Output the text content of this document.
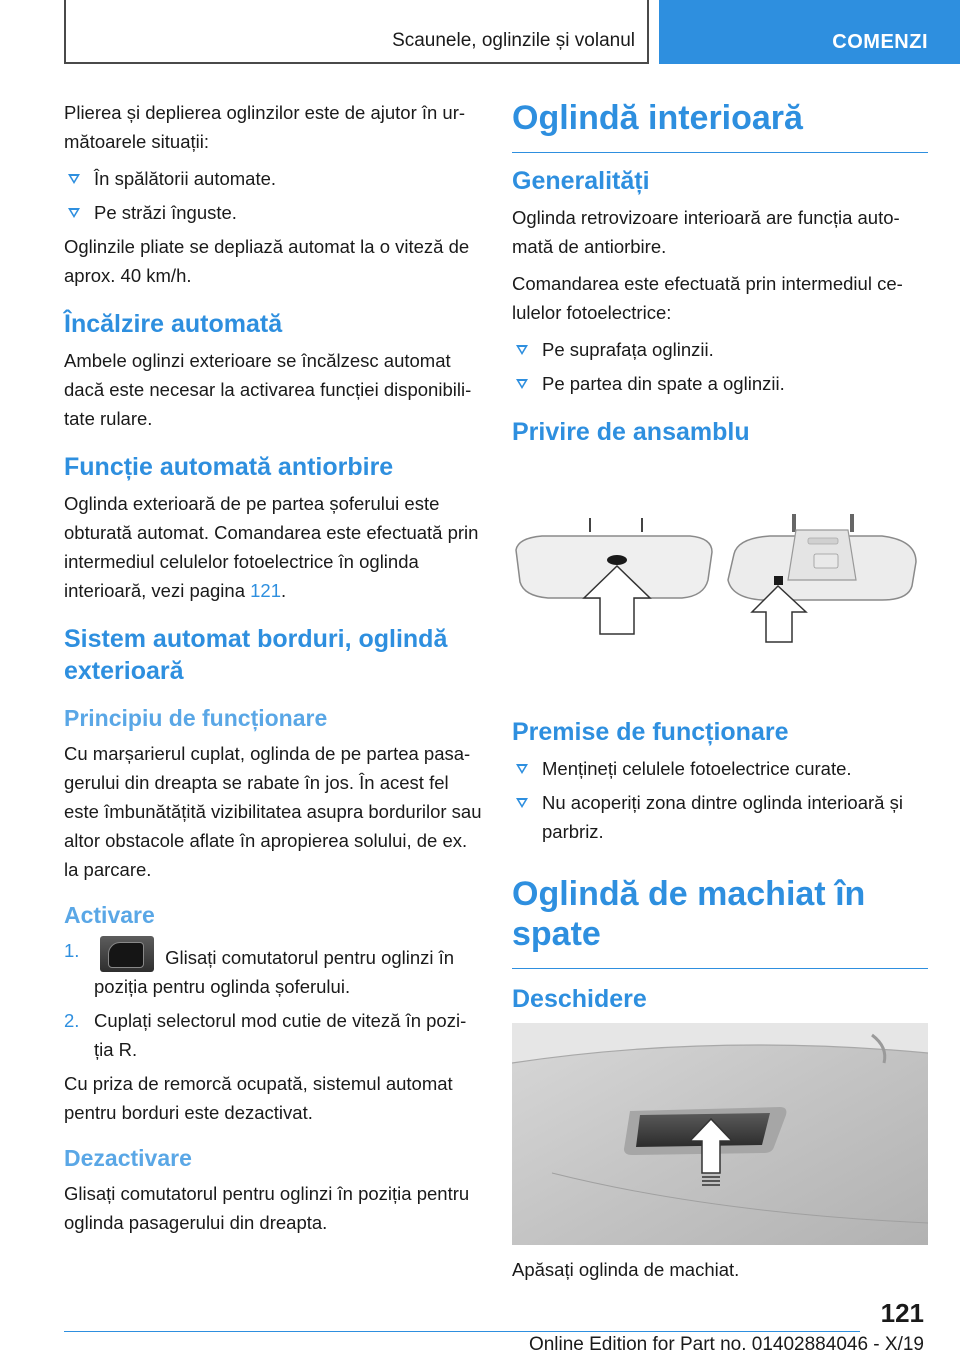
Scaunele, oglinzile și volanul	COMENZI

Plierea și deplierea oglinzilor este de ajutor în ur‐mătoarele situații:

În spălătorii automate.
Pe străzi înguste.

Oglinzile pliate se depliază automat la o viteză de aprox. 40 km/h.

Încălzire automată

Ambele oglinzi exterioare se încălzesc automat dacă este necesar la activarea funcției disponibili‐tate rulare.

Funcție automată antiorbire

Oglinda exterioară de pe partea șoferului este obturată automat. Comandarea este efectuată prin intermediul celulelor fotoelectrice în oglinda interioară, vezi pagina 121.

Sistem automat borduri, oglindă exterioară
Principiu de funcționare

Cu marșarierul cuplat, oglinda de pe partea pasa‐gerului din dreapta se rabate în jos. În acest fel este îmbunătățită vizibilitatea asupra bordurilor sau altor obstacole aflate în apropierea solului, de ex. la parcare.

Activare
1.	Glisați comutatorul pentru oglinzi în poziția pentru oglinda șoferului.
2. Cuplați selectorul mod cutie de viteză în pozi‐ția R.

Cu priza de remorcă ocupată, sistemul automat pentru borduri este dezactivat.

Dezactivare

Glisați comutatorul pentru oglinzi în poziția pentru oglinda pasagerului din dreapta.

Oglindă interioară
Generalități

Oglinda retrovizoare interioară are funcția auto‐mată de antiorbire.

Comandarea este efectuată prin intermediul ce‐lulelor fotoelectrice:

Pe suprafața oglinzii.
Pe partea din spate a oglinzii.
Privire de ansamblu
Premise de funcționare
Mențineți celulele fotoelectrice curate.
Nu acoperiți zona dintre oglinda interioară și parbriz.
Oglindă de machiat în spate
Deschidere

Apăsați oglinda de machiat.

121
Online Edition for Part no. 01402884046 - X/19
